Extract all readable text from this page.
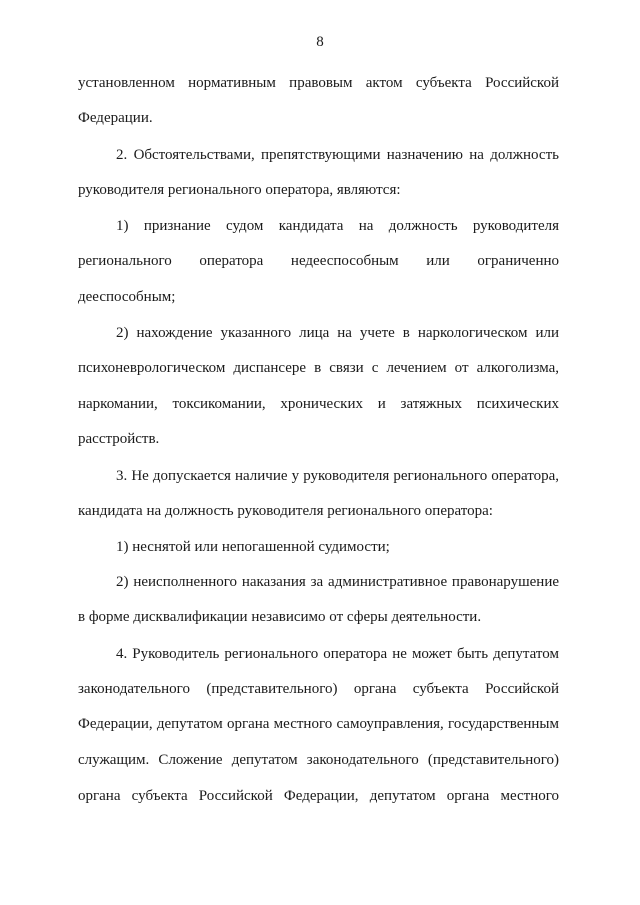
8
установленном нормативным правовым актом субъекта Российской
Федерации.
2. Обстоятельствами, препятствующими назначению на должность
руководителя регионального оператора, являются:
1) признание судом кандидата на должность руководителя
регионального оператора недееспособным или ограниченно
дееспособным;
2) нахождение указанного лица на учете в наркологическом или
психоневрологическом диспансере в связи с лечением от алкоголизма,
наркомании, токсикомании, хронических и затяжных психических
расстройств.
3. Не допускается наличие у руководителя регионального оператора,
кандидата на должность руководителя регионального оператора:
1) неснятой или непогашенной судимости;
2) неисполненного наказания за административное правонарушение
в форме дисквалификации независимо от сферы деятельности.
4. Руководитель регионального оператора не может быть депутатом
законодательного (представительного) органа субъекта Российской
Федерации, депутатом органа местного самоуправления, государственным
служащим. Сложение депутатом законодательного (представительного)
органа субъекта Российской Федерации, депутатом органа местного
